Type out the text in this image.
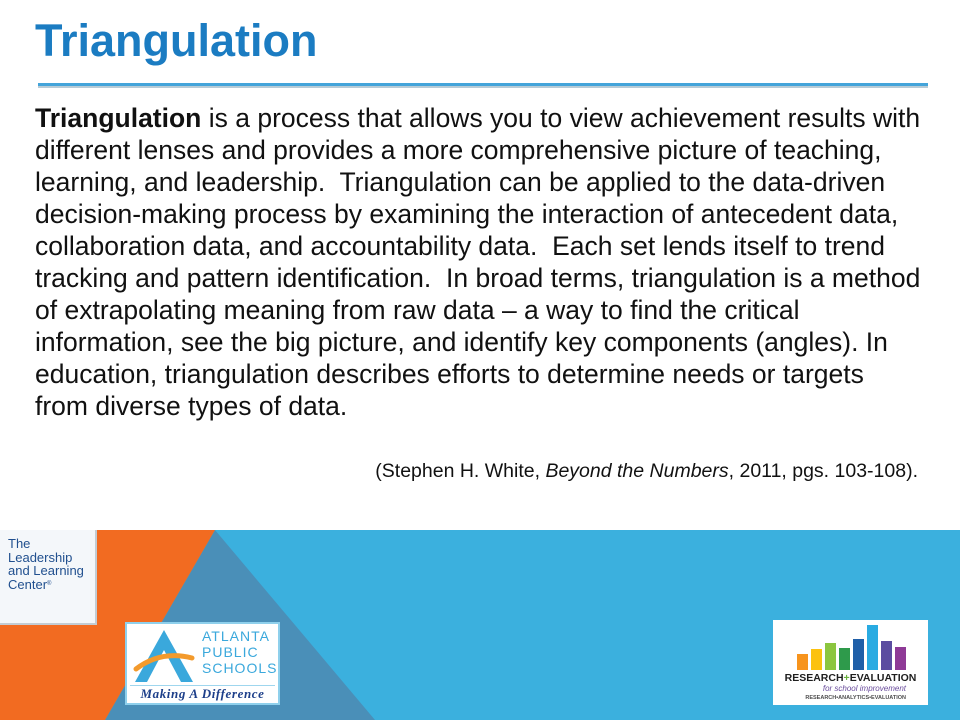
Triangulation
Triangulation is a process that allows you to view achievement results with
different lenses and provides a more comprehensive picture of teaching,
learning, and leadership.  Triangulation can be applied to the data-driven
decision-making process by examining the interaction of antecedent data,
collaboration data, and accountability data.  Each set lends itself to trend
tracking and pattern identification.  In broad terms, triangulation is a method
of extrapolating meaning from raw data – a way to find the critical
information, see the big picture, and identify key components (angles). In
education, triangulation describes efforts to determine needs or targets
from diverse types of data.
(Stephen H. White, Beyond the Numbers, 2011, pgs. 103-108).
The
Leadership
and Learning
Center®
ATLANTA
PUBLIC
SCHOOLS
Making A Difference
RESEARCH+EVALUATION
for school improvement
RESEARCH•ANALYTICS•EVALUATION
